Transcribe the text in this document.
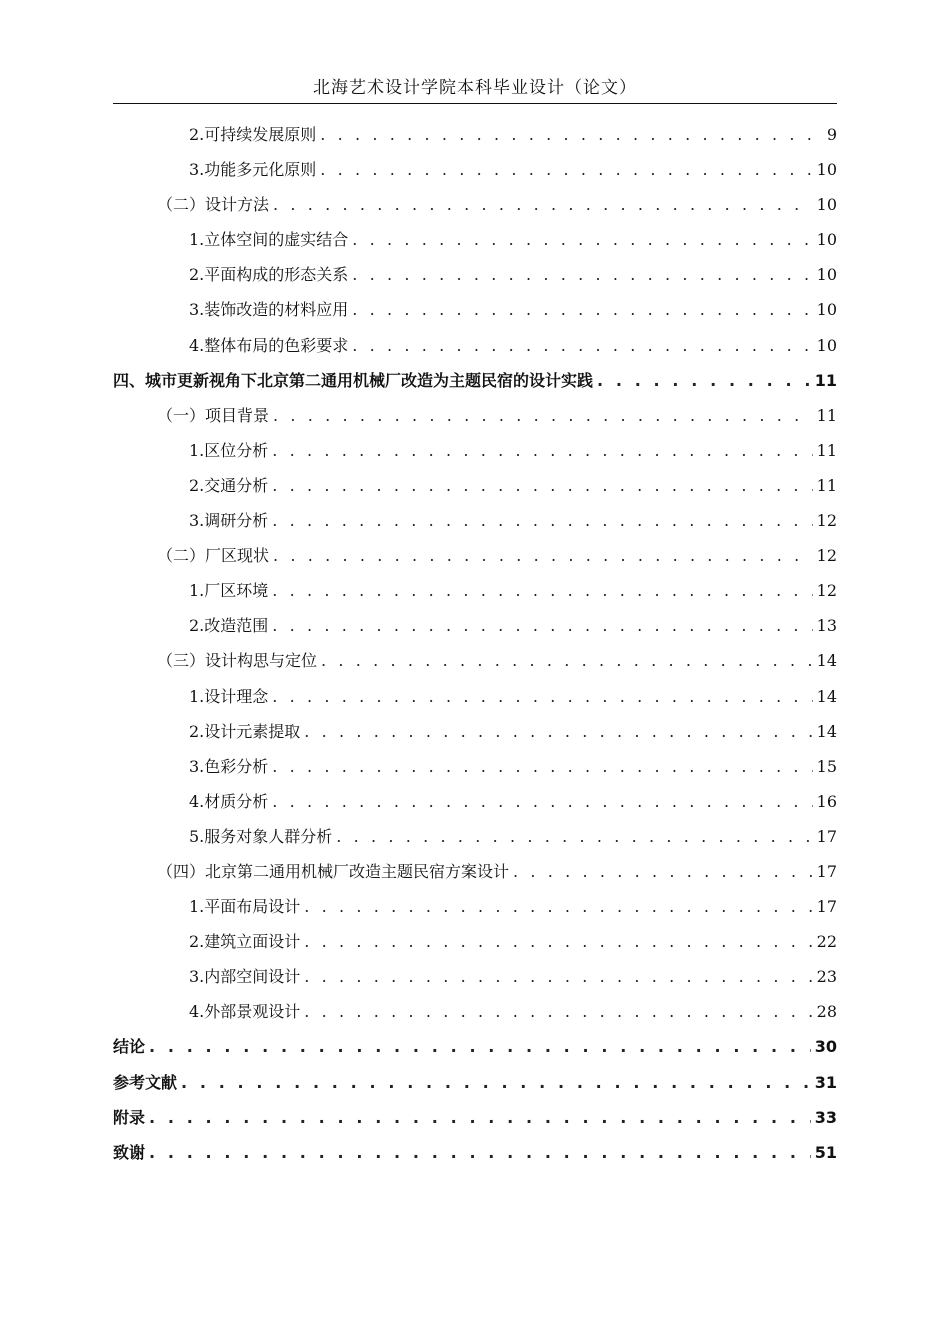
北海艺术设计学院本科毕业设计（论文）
2.可持续发展原则 . . .	9
3.功能多元化原则 . . .	10
（二）设计方法 . . .	10
1.立体空间的虚实结合 . . .	10
2.平面构成的形态关系 . . .	10
3.装饰改造的材料应用 . . .	10
4.整体布局的色彩要求 . . .	10
四、城市更新视角下北京第二通用机械厂改造为主题民宿的设计实践 . . .	11
（一）项目背景 . . .	11
1.区位分析 . . .	11
2.交通分析 . . .	11
3.调研分析 . . .	12
（二）厂区现状 . . .	12
1.厂区环境 . . .	12
2.改造范围 . . .	13
（三）设计构思与定位 . . .	14
1.设计理念 . . .	14
2.设计元素提取 . . .	14
3.色彩分析 . . .	15
4.材质分析 . . .	16
5.服务对象人群分析 . . .	17
（四）北京第二通用机械厂改造主题民宿方案设计 . . .	17
1.平面布局设计 . . .	17
2.建筑立面设计 . . .	22
3.内部空间设计 . . .	23
4.外部景观设计 . . .	28
结论 . . .	30
参考文献 . . .	31
附录 . . .	33
致谢 . . .	51
